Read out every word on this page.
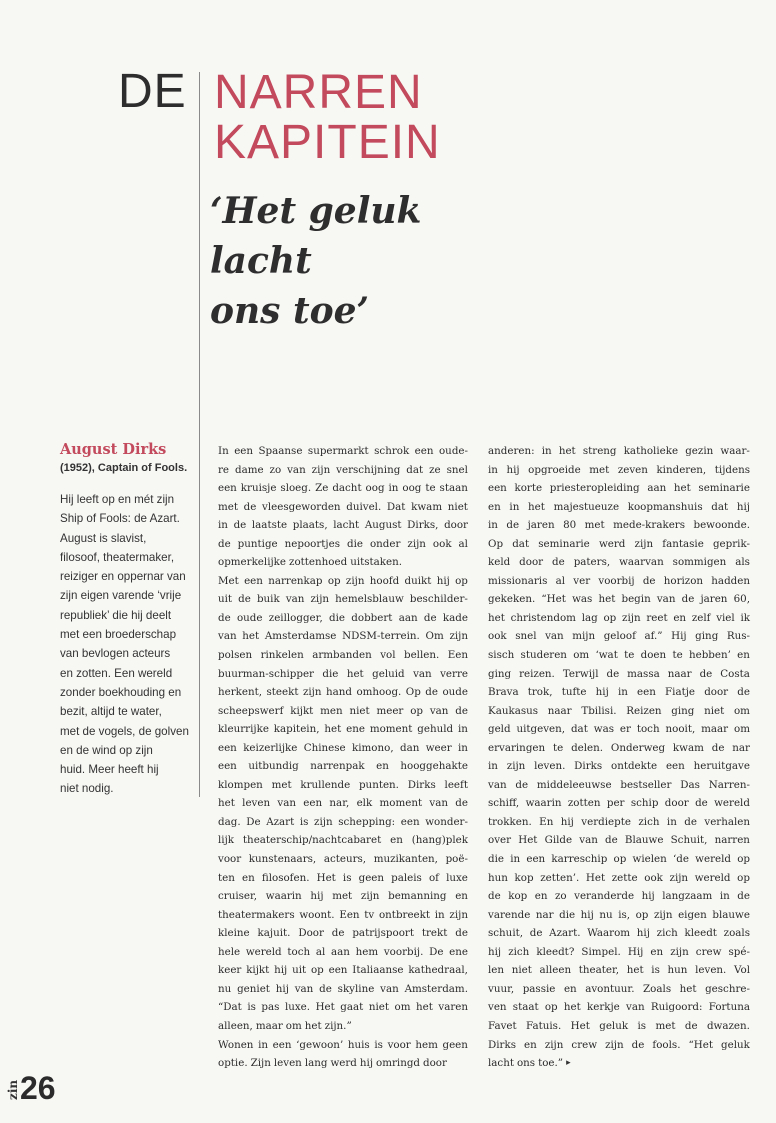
DE NARREN
KAPITEIN
‘Het geluk
lacht
ons toe’
August Dirks
(1952), Captain of Fools.
Hij leeft op en mét zijn
Ship of Fools: de Azart.
August is slavist,
filosoof, theatermaker,
reiziger en oppernar van
zijn eigen varende ‘vrije
republiek’ die hij deelt
met een broederschap
van bevlogen acteurs
en zotten. Een wereld
zonder boekhouding en
bezit, altijd te water,
met de vogels, de golven
en de wind op zijn
huid. Meer heeft hij
niet nodig.
In een Spaanse supermarkt schrok een oude-
re dame zo van zijn verschijning dat ze snel
een kruisje sloeg. Ze dacht oog in oog te staan
met de vleesgeworden duivel. Dat kwam niet
in de laatste plaats, lacht August Dirks, door
de puntige nepoortjes die onder zijn ook al
opmerkelijke zottenhoed uitstaken.
Met een narrenkap op zijn hoofd duikt hij op
uit de buik van zijn hemelsblauw beschilder-
de oude zeillogger, die dobbert aan de kade
van het Amsterdamse NDSM-terrein. Om zijn
polsen rinkelen armbanden vol bellen. Een
buurman-schipper die het geluid van verre
herkent, steekt zijn hand omhoog. Op de oude
scheepswerf kijkt men niet meer op van de
kleurrijke kapitein, het ene moment gehuld in
een keizerlijke Chinese kimono, dan weer in
een uitbundig narrenpak en hooggehakte
klompen met krullende punten. Dirks leeft
het leven van een nar, elk moment van de
dag. De Azart is zijn schepping: een wonder-
lijk theaterschip/nachtcabaret en (hang)plek
voor kunstenaars, acteurs, muzikanten, poë-
ten en filosofen. Het is geen paleis of luxe
cruiser, waarin hij met zijn bemanning en
theatermakers woont. Een tv ontbreekt in zijn
kleine kajuit. Door de patrijspoort trekt de
hele wereld toch al aan hem voorbij. De ene
keer kijkt hij uit op een Italiaanse kathedraal,
nu geniet hij van de skyline van Amsterdam.
“Dat is pas luxe. Het gaat niet om het varen
alleen, maar om het zijn.”
Wonen in een ‘gewoon’ huis is voor hem geen
optie. Zijn leven lang werd hij omringd door
anderen: in het streng katholieke gezin waar-
in hij opgroeide met zeven kinderen, tijdens
een korte priesteropleiding aan het seminarie
en in het majestueuze koopmanshuis dat hij
in de jaren 80 met mede-krakers bewoonde.
Op dat seminarie werd zijn fantasie geprik-
keld door de paters, waarvan sommigen als
missionaris al ver voorbij de horizon hadden
gekeken. “Het was het begin van de jaren 60,
het christendom lag op zijn reet en zelf viel ik
ook snel van mijn geloof af.” Hij ging Rus-
sisch studeren om ‘wat te doen te hebben’ en
ging reizen. Terwijl de massa naar de Costa
Brava trok, tufte hij in een Fiatje door de
Kaukasus naar Tbilisi. Reizen ging niet om
geld uitgeven, dat was er toch nooit, maar om
ervaringen te delen. Onderweg kwam de nar
in zijn leven. Dirks ontdekte een heruitgave
van de middeleeuwse bestseller Das Narren-
schiff, waarin zotten per schip door de wereld
trokken. En hij verdiepte zich in de verhalen
over Het Gilde van de Blauwe Schuit, narren
die in een karreschip op wielen ‘de wereld op
hun kop zetten’. Het zette ook zijn wereld op
de kop en zo veranderde hij langzaam in de
varende nar die hij nu is, op zijn eigen blauwe
schuit, de Azart. Waarom hij zich kleedt zoals
hij zich kleedt? Simpel. Hij en zijn crew spé-
len niet alleen theater, het is hun leven. Vol
vuur, passie en avontuur. Zoals het geschre-
ven staat op het kerkje van Ruigoord: Fortuna
Favet Fatuis. Het geluk is met de dwazen.
Dirks en zijn crew zijn de fools. “Het geluk
lacht ons toe.” ▸
zin 26
